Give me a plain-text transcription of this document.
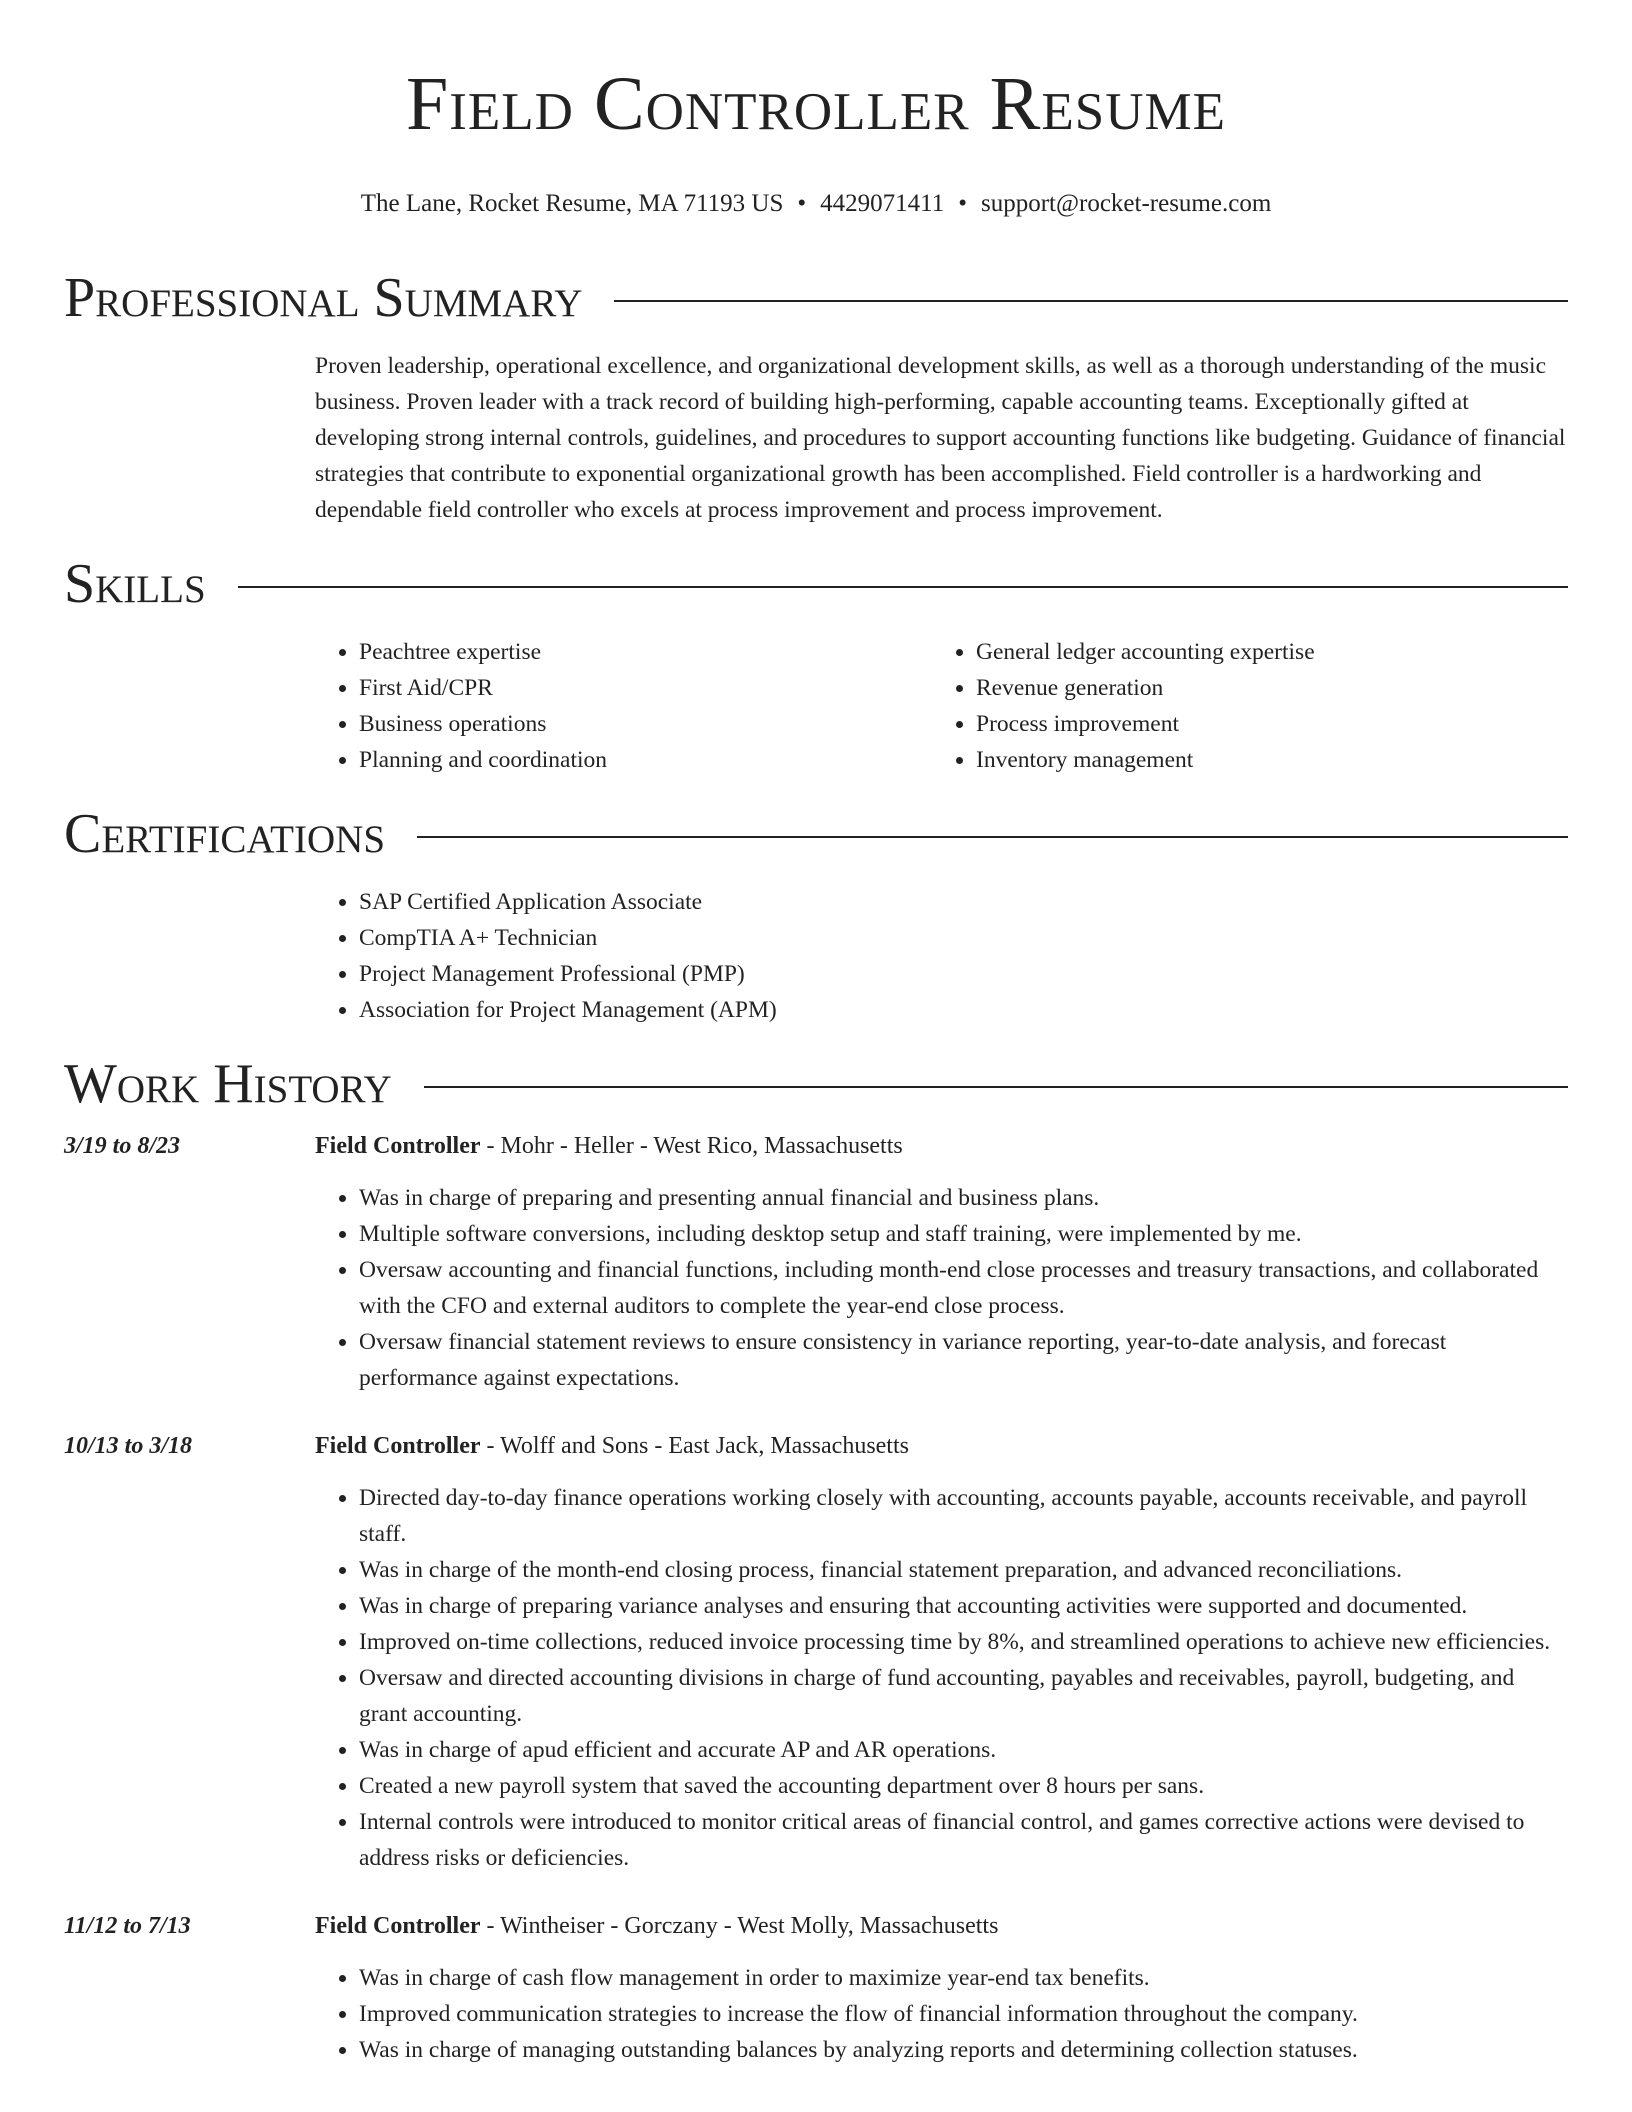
Field Controller Resume
The Lane, Rocket Resume, MA 71193 US • 4429071411 • support@rocket-resume.com
Professional Summary
Proven leadership, operational excellence, and organizational development skills, as well as a thorough understanding of the music business. Proven leader with a track record of building high-performing, capable accounting teams. Exceptionally gifted at developing strong internal controls, guidelines, and procedures to support accounting functions like budgeting. Guidance of financial strategies that contribute to exponential organizational growth has been accomplished. Field controller is a hardworking and dependable field controller who excels at process improvement and process improvement.
Skills
• Peachtree expertise
• First Aid/CPR
• Business operations
• Planning and coordination
• General ledger accounting expertise
• Revenue generation
• Process improvement
• Inventory management
Certifications
• SAP Certified Application Associate
• CompTIA A+ Technician
• Project Management Professional (PMP)
• Association for Project Management (APM)
Work History
3/19 to 8/23	Field Controller - Mohr - Heller - West Rico, Massachusetts
• Was in charge of preparing and presenting annual financial and business plans.
• Multiple software conversions, including desktop setup and staff training, were implemented by me.
• Oversaw accounting and financial functions, including month-end close processes and treasury transactions, and collaborated with the CFO and external auditors to complete the year-end close process.
• Oversaw financial statement reviews to ensure consistency in variance reporting, year-to-date analysis, and forecast performance against expectations.
10/13 to 3/18	Field Controller - Wolff and Sons - East Jack, Massachusetts
• Directed day-to-day finance operations working closely with accounting, accounts payable, accounts receivable, and payroll staff.
• Was in charge of the month-end closing process, financial statement preparation, and advanced reconciliations.
• Was in charge of preparing variance analyses and ensuring that accounting activities were supported and documented.
• Improved on-time collections, reduced invoice processing time by 8%, and streamlined operations to achieve new efficiencies.
• Oversaw and directed accounting divisions in charge of fund accounting, payables and receivables, payroll, budgeting, and grant accounting.
• Was in charge of apud efficient and accurate AP and AR operations.
• Created a new payroll system that saved the accounting department over 8 hours per sans.
• Internal controls were introduced to monitor critical areas of financial control, and games corrective actions were devised to address risks or deficiencies.
11/12 to 7/13	Field Controller - Wintheiser - Gorczany - West Molly, Massachusetts
• Was in charge of cash flow management in order to maximize year-end tax benefits.
• Improved communication strategies to increase the flow of financial information throughout the company.
• Was in charge of managing outstanding balances by analyzing reports and determining collection statuses.
